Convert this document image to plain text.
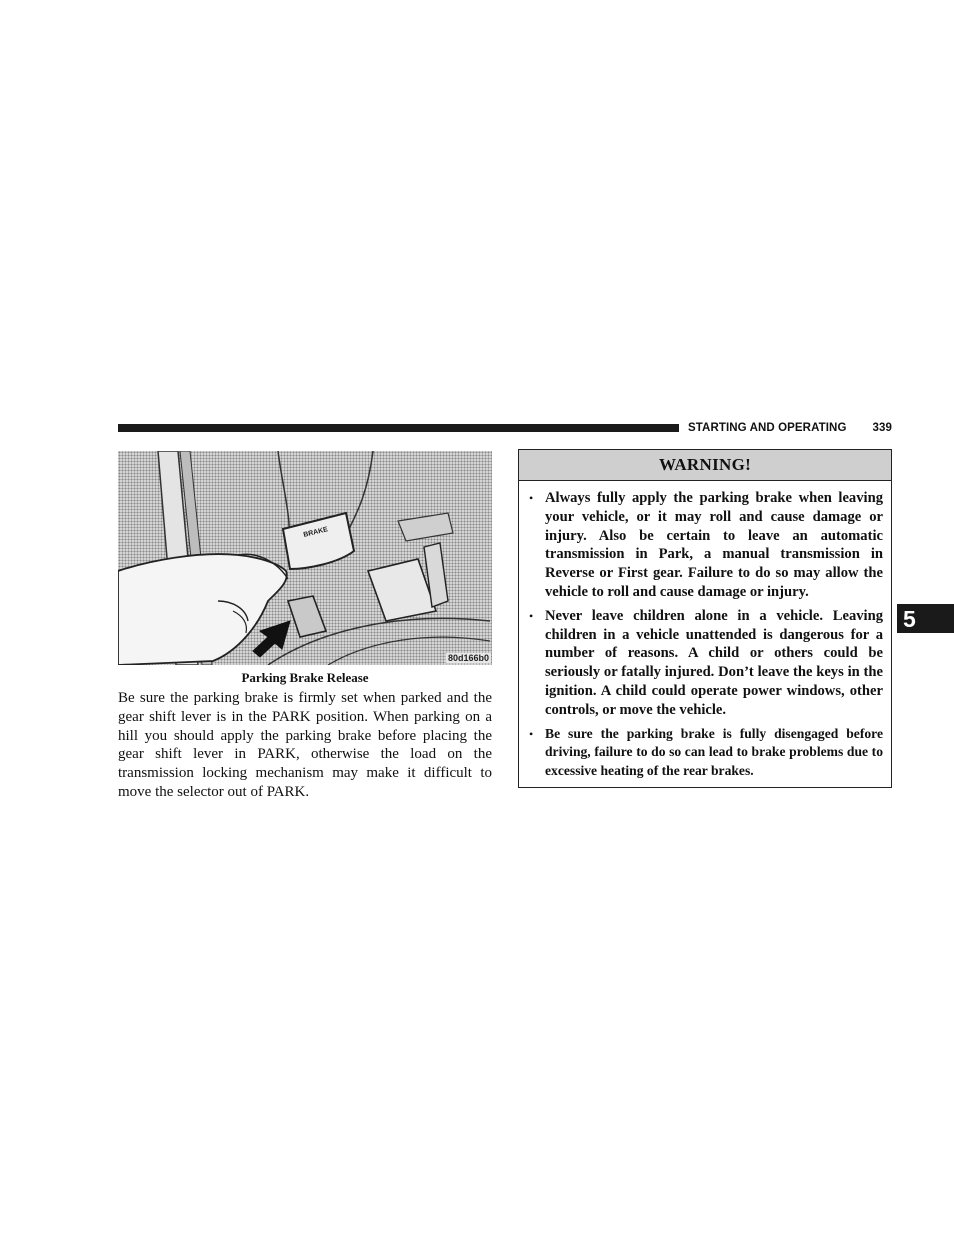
STARTING AND OPERATING 339
BRAKE
80d166b0
Parking Brake Release

Be sure the parking brake is firmly set when parked and the gear shift lever is in the PARK position. When parking on a hill you should apply the parking brake before placing the gear shift lever in PARK, otherwise the load on the transmission locking mechanism may make it difficult to move the selector out of PARK.

WARNING!
• Always fully apply the parking brake when leaving your vehicle, or it may roll and cause damage or injury. Also be certain to leave an automatic transmission in Park, a manual transmission in Reverse or First gear. Failure to do so may allow the vehicle to roll and cause damage or injury.
• Never leave children alone in a vehicle. Leaving children in a vehicle unattended is dangerous for a number of reasons. A child or others could be seriously or fatally injured. Don’t leave the keys in the ignition. A child could operate power windows, other controls, or move the vehicle.
• Be sure the parking brake is fully disengaged before driving, failure to do so can lead to brake problems due to excessive heating of the rear brakes.
5
